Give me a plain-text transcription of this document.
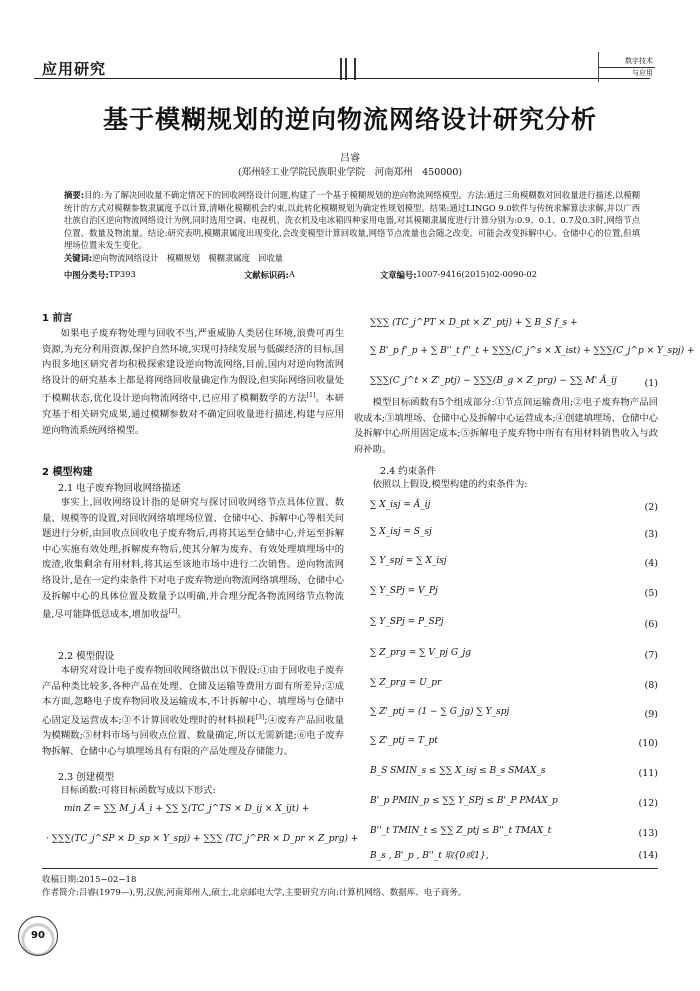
应用研究	数字技术
与应用
基于模糊规划的逆向物流网络设计研究分析
吕睿
(郑州轻工业学院民族职业学院　河南郑州　450000)
摘要:目的:为了解决回收量不确定情况下的回收网络设计问题,构建了一个基于模糊规划的逆向物流网络模型。方法:通过三角模糊数对回收量进行描述,以模糊统计的方式对模糊参数隶属度予以计算,清晰化模糊机会约束,以此转化模糊规划为确定性规划模型。结果:通过LINGO 9.0软件与传统求解算法求解,并以广西壮族自治区逆向物流网络设计为例,同时选用空调、电视机、洗衣机及电冰箱四种家用电器,对其模糊隶属度进行计算分别为:0.9、0.1、0.7及0.3时,网络节点位置、数量及物流量。结论:研究表明,模糊隶属度出现变化,会改变模型计算回收量,网络节点流量也会随之改变。可能会改变拆解中心、仓储中心的位置,但填埋场位置未发生变化。
关键词:逆向物流网络设计　模糊规划　模糊隶属度　回收量
中图分类号: TP393	文献标识码: A	文章编号: 1007-9416(2015)02-0090-02
1 前言
如果电子废弃物处理与回收不当,严重威胁人类居住环境,浪费可再生资源,为充分利用资源,保护自然环境,实现可持续发展与低碳经济的目标,国内很多地区研究者均积极探索建设逆向物流网络,目前,国内对逆向物流网络设计的研究基本上都是将网络回收量确定作为假设,但实际网络回收量处于模糊状态,优化设计逆向物流网络中,已应用了模糊数学的方法[1]。本研究基于相关研究成果,通过模糊参数对不确定回收量进行描述,构建与应用逆向物流系统网络模型。
2 模型构建
2.1 电子废弃物回收网络描述
事实上,回收网络设计指的是研究与探讨回收网络节点具体位置、数量、规模等的设置,对回收网络填埋场位置、仓储中心、拆解中心等相关问题进行分析,由回收点回收电子废弃物后,再将其运至仓储中心,并运至拆解中心实施有效处理,拆解废弃物后,使其分解为废弃、有效处理填埋场中的废渣,收集剩余有用材料,将其运至该地市场中进行二次销售。逆向物流网络设计,是在一定约束条件下对电子废弃物逆向物流网络填埋场、仓储中心及拆解中心的具体位置及数量予以明确,并合理分配各物流网络节点物流量,尽可能降低总成本,增加收益[2]。
2.2 模型假设
本研究对设计电子废弃物回收网络做出以下假设:①由于回收电子废弃产品种类比较多,各种产品在处理、仓储及运输等费用方面有所差异;②成本方面,忽略电子废弃物回收及运输成本,不计拆解中心、填埋场与仓储中心固定及运营成本;③不计算回收处理时的材料损耗[3];④废弃产品回收量为模糊数;⑤材料市场与回收点位置、数量确定,所以无需新建;⑥电子废弃物拆解、仓储中心与填埋场具有有限的产品处理及存储能力。
2.3 创建模型
目标函数:可将目标函数写成以下形式:
min Z = ∑∑ M_j Ã_i + ∑∑ ∑(TC_j^TS × D_ij × X_ijt) +
· ∑∑∑(TC_j^SP × D_sp × Y_spj) + ∑∑∑ (TC_j^PR × D_pr × Z_prg) +
∑∑∑ (TC_j^PT × D_pt × Z'_ptj) + ∑ B_S f_s +
∑ B'_p f'_p + ∑ B''_t f''_t + ∑∑∑(C_j^s × X_ist) + ∑∑∑(C_j^p × Y_spj) +
∑∑∑(C_j^t × Z'_ptj) − ∑∑∑(B_g × Z_prg) − ∑∑ M' Ã_ij	(1)
模型目标函数有5个组成部分:①节点间运输费用;②电子废弃物产品回收成本;③填埋场、仓储中心及拆解中心运营成本;④创建填埋场、仓储中心及拆解中心所用固定成本;⑤拆解电子废弃物中所有有用材料销售收入与政府补助。
2.4 约束条件
依照以上假设,模型构建的约束条件为:
∑ X_isj = Ã_ij	(2)
∑ X_isj = S_sj	(3)
∑ Y_spj = ∑ X_isj	(4)
∑ Y_SPj = V_Pj	(5)
∑ Y_SPj = P_SPj	(6)
∑ Z_prg = ∑ V_pj G_jg	(7)
∑ Z_prg = U_pr	(8)
∑ Z'_ptj = (1 − ∑ G_jg) ∑ Y_spj	(9)
∑ Z'_ptj = T_pt	(10)
B_S SMIN_s ≤ ∑∑ X_isj ≤ B_s SMAX_s	(11)
B'_p PMIN_p ≤ ∑∑ Y_SPj ≤ B'_P PMAX_p	(12)
B''_t TMIN_t ≤ ∑∑ Z_ptj ≤ B''_t TMAX_t	(13)
B_s , B'_p , B''_t 取{0或1},	(14)
收稿日期:2015−02−18
作者简介:吕睿(1979—),男,汉族,河南郑州人,硕士,北京邮电大学,主要研究方向:计算机网络、数据库、电子商务。
90
